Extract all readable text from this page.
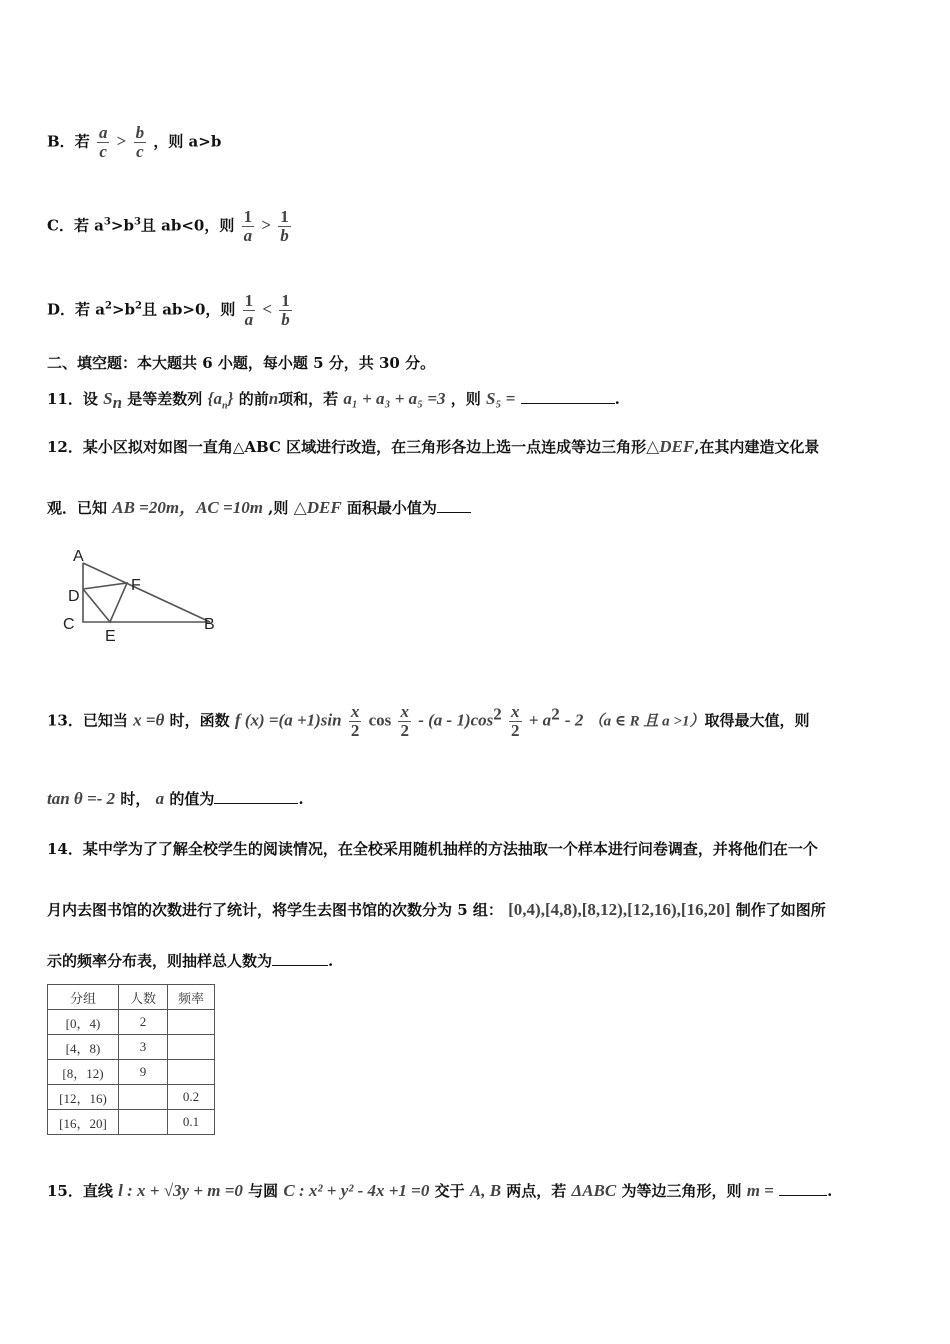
B．若 $\frac{a}{c} > \frac{b}{c}$ ，则 a>b
C．若 $a^3>b^3$且 ab<0，则 $\frac{1}{a} > \frac{1}{b}$
D．若 $a^2>b^2$且 ab>0，则 $\frac{1}{a} < \frac{1}{b}$
二、填空题：本大题共 6 小题，每小题 5 分，共 30 分。
11．设 $S_n$ 是等差数列 $\{a_n\}$ 的前n项和，若 a₁ + a₃ + a₅ =3 ，则 S₅ =	.
12．某小区拟对如图一直角△ABC 区域进行改造，在三角形各边上选一点连成等边三角形△DEF,在其内建造文化景
观．已知 AB =20m，AC =10m ,则 △DEF 面积最小值为
A
D
C
E
F
B
13．已知当 x =θ 时，函数 f $(x) =(a +1)\sin \frac{x}{2}$ $\cos \frac{x}{2} - (a - 1)\cos^2 \frac{x}{2} + a^2 - 2$ （a ∈ R 且 a >1）取得最大值，则
tan θ =- 2 时， a 的值为	.
14．某中学为了了解全校学生的阅读情况，在全校采用随机抽样的方法抽取一个样本进行问卷调查，并将他们在一个
月内去图书馆的次数进行了统计，将学生去图书馆的次数分为 5 组： [0,4),[4,8),[8,12),[12,16),[16,20] 制作了如图所
示的频率分布表，则抽样总人数为	.
分组	人数	频率
[0，4)	2	
[4，8)	3	
[8，12)	9	
[12，16)		0.2
[16，20]		0.1
15．直线 l : x + √3y + m =0 与圆 C : x² + y² - 4x +1 =0 交于 A, B 两点，若 ΔABC 为等边三角形，则 m =	.
